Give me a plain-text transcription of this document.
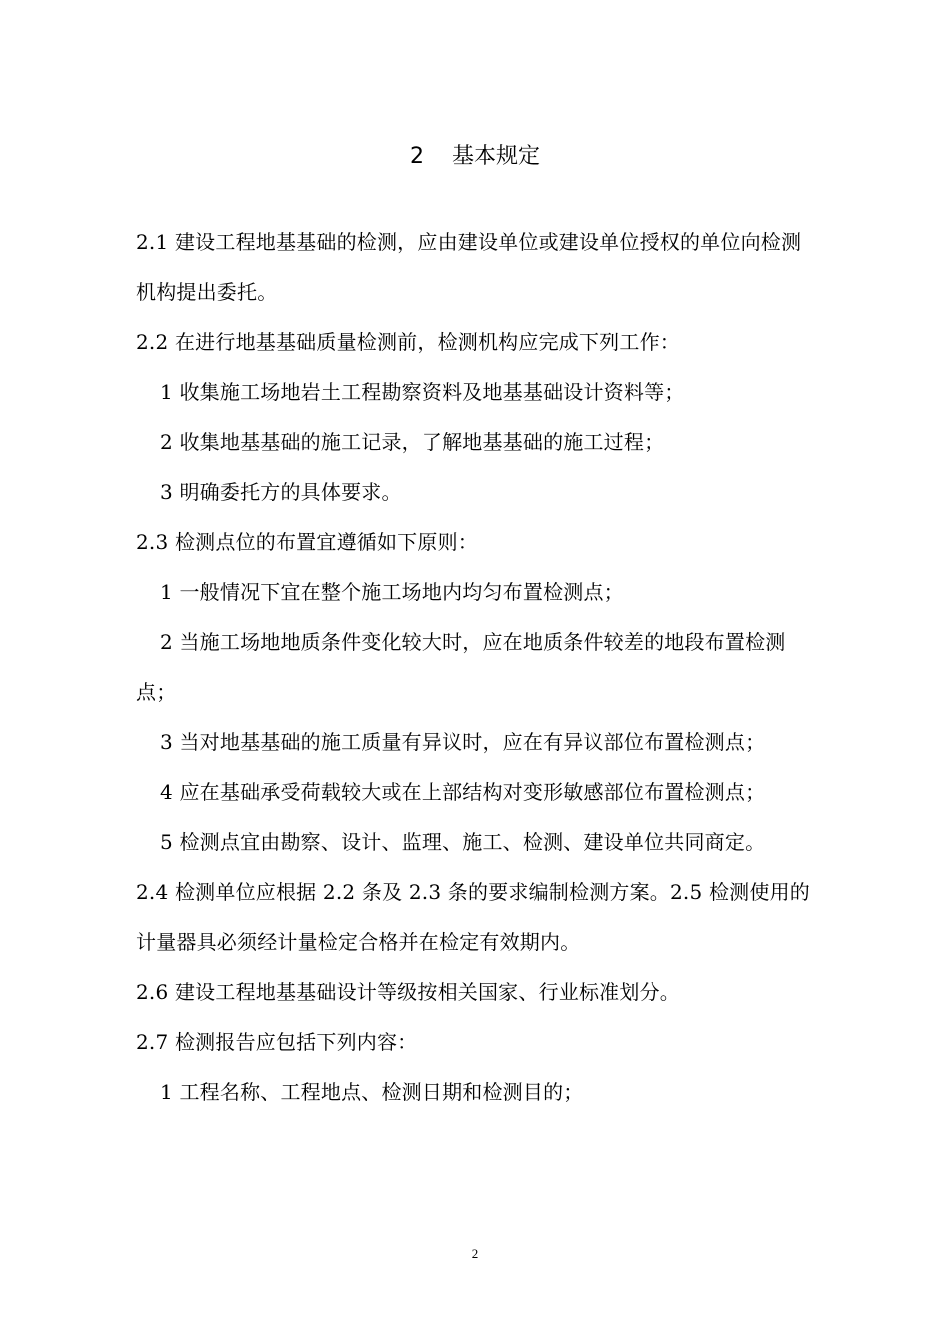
2    基本规定

2.1 建设工程地基基础的检测，应由建设单位或建设单位授权的单位向检测机构提出委托。

2.2 在进行地基基础质量检测前，检测机构应完成下列工作：

1 收集施工场地岩土工程勘察资料及地基基础设计资料等；

2 收集地基基础的施工记录，了解地基基础的施工过程；

3 明确委托方的具体要求。

2.3 检测点位的布置宜遵循如下原则：

1 一般情况下宜在整个施工场地内均匀布置检测点；

2 当施工场地地质条件变化较大时，应在地质条件较差的地段布置检测点；

3 当对地基基础的施工质量有异议时，应在有异议部位布置检测点；

4 应在基础承受荷载较大或在上部结构对变形敏感部位布置检测点；

5 检测点宜由勘察、设计、监理、施工、检测、建设单位共同商定。

2.4 检测单位应根据 2.2 条及 2.3 条的要求编制检测方案。2.5 检测使用的计量器具必须经计量检定合格并在检定有效期内。

2.6 建设工程地基基础设计等级按相关国家、行业标准划分。

2.7 检测报告应包括下列内容：

1 工程名称、工程地点、检测日期和检测目的；

2
